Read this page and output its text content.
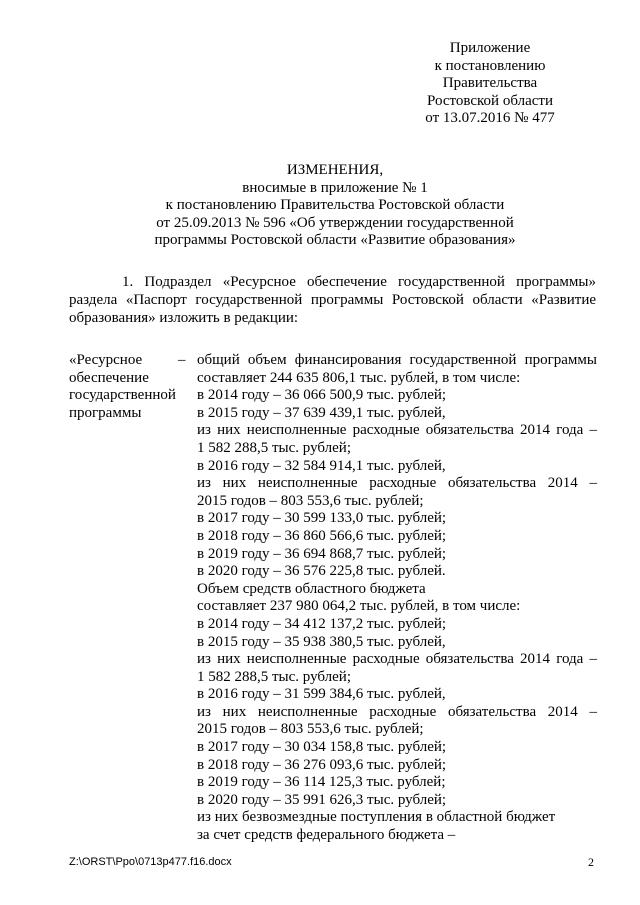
Приложение
к постановлению
Правительства
Ростовской области
от 13.07.2016 № 477
ИЗМЕНЕНИЯ,
вносимые в приложение № 1
к постановлению Правительства Ростовской области
от 25.09.2013 № 596 «Об утверждении государственной
программы Ростовской области «Развитие образования»
1. Подраздел «Ресурсное обеспечение государственной программы»
раздела «Паспорт государственной программы Ростовской области «Развитие
образования» изложить в редакции:
«Ресурсное
обеспечение
государственной
программы
– общий объем финансирования государственной программы
составляет 244 635 806,1 тыс. рублей, в том числе:
в 2014 году – 36 066 500,9 тыс. рублей;
в 2015 году – 37 639 439,1 тыс. рублей,
из них неисполненные расходные обязательства 2014 года –
1 582 288,5 тыс. рублей;
в 2016 году – 32 584 914,1 тыс. рублей,
из них неисполненные расходные обязательства 2014 –
2015 годов – 803 553,6 тыс. рублей;
в 2017 году – 30 599 133,0 тыс. рублей;
в 2018 году – 36 860 566,6 тыс. рублей;
в 2019 году – 36 694 868,7 тыс. рублей;
в 2020 году – 36 576 225,8 тыс. рублей.
Объем средств областного бюджета
составляет 237 980 064,2 тыс. рублей, в том числе:
в 2014 году – 34 412 137,2 тыс. рублей;
в 2015 году – 35 938 380,5 тыс. рублей,
из них неисполненные расходные обязательства 2014 года –
1 582 288,5 тыс. рублей;
в 2016 году – 31 599 384,6 тыс. рублей,
из них неисполненные расходные обязательства 2014 –
2015 годов – 803 553,6 тыс. рублей;
в 2017 году – 30 034 158,8 тыс. рублей;
в 2018 году – 36 276 093,6 тыс. рублей;
в 2019 году – 36 114 125,3 тыс. рублей;
в 2020 году – 35 991 626,3 тыс. рублей;
из них безвозмездные поступления в областной бюджет
за счет средств федерального бюджета –
Z:\ORST\Ppo\0713p477.f16.docx	2
